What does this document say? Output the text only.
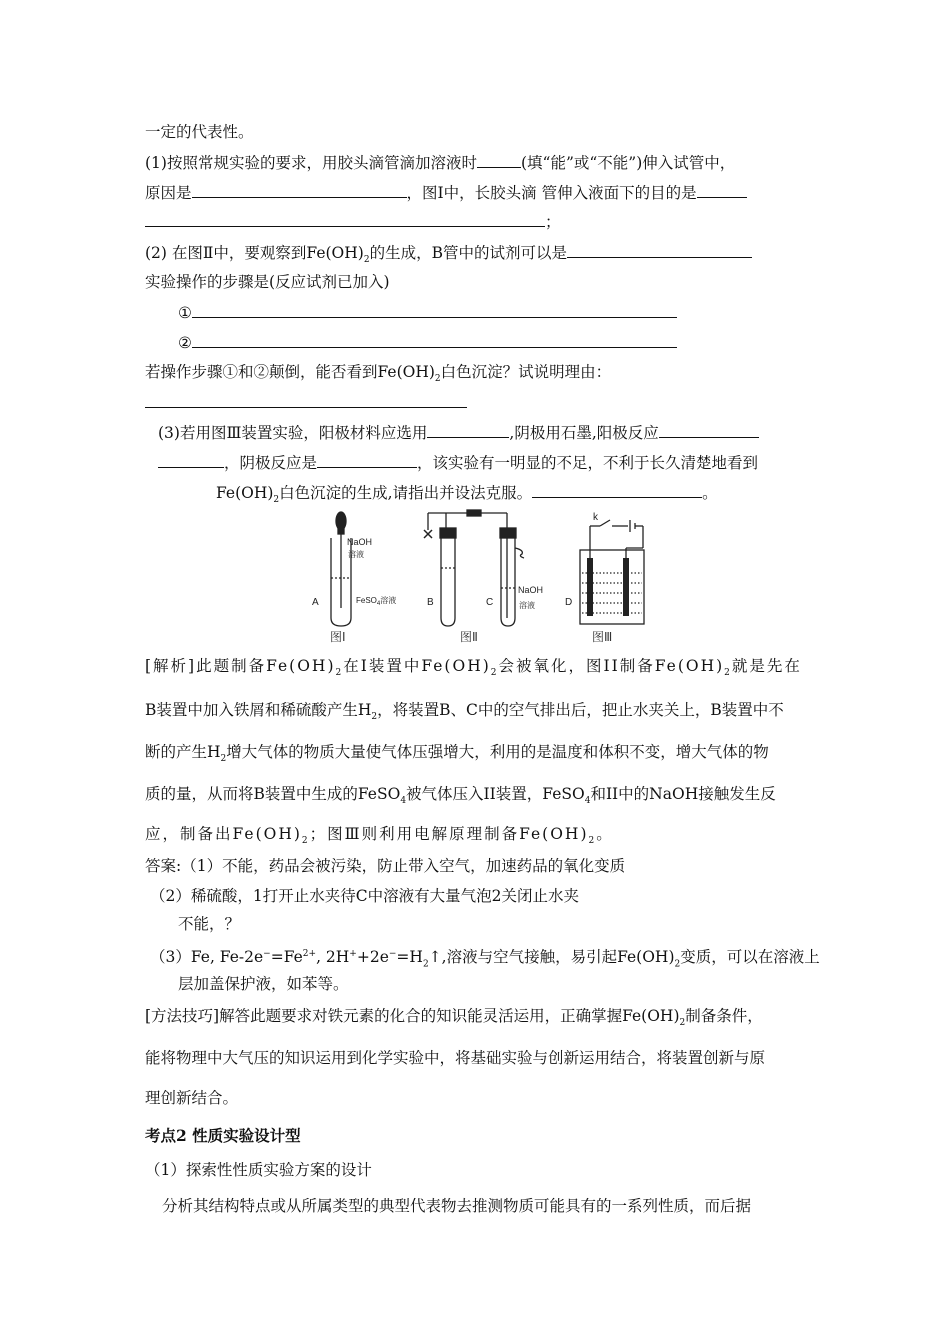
一定的代表性。
(1)按照常规实验的要求，用胶头滴管滴加溶液时	(填“能”或“不能”)伸入试管中，
原因是	，图Ⅰ中，长胶头滴 管伸入液面下的目的是
；
(2) 在图Ⅱ中，要观察到$Fe(OH)_2$的生成，B管中的试剂可以是
实验操作的步骤是(反应试剂已加入)
①
②
若操作步骤①和②颠倒，能否看到$Fe(OH)_2$白色沉淀？试说明理由：
(3)若用图Ⅲ装置实验，阳极材料应选用	,阴极用石墨,阳极反应
，阴极反应是	，该实验有一明显的不足，不利于长久清楚地看到
$Fe(OH)_2$白色沉淀的生成,请指出并设法克服。	。
NaOH
溶液
A	FeSO$_4$溶液	B	C
NaOH
溶液
k
D
图Ⅰ	图Ⅱ	图Ⅲ
[解析]此题制备$Fe(OH)_2$在Ⅰ装置中$Fe(OH)_2$会被氧化，图II制备$Fe(OH)_2$就是先在
B装置中加入铁屑和稀硫酸产生$H_2$，将装置B、C中的空气排出后，把止水夹关上，B装置中不
断的产生$H_2$增大气体的物质大量使气体压强增大，利用的是温度和体积不变，增大气体的物
质的量，从而将B装置中生成的FeSO$_4$被气体压入II装置，FeSO$_4$和II中的NaOH接触发生反
应，制备出$Fe(OH)_2$；图Ⅲ则利用电解原理制备$Fe(OH)_2$。
答案:（1）不能，药品会被污染，防止带入空气，加速药品的氧化变质
（2）稀硫酸，1打开止水夹待C中溶液有大量气泡2关闭止水夹
不能，？
（3）Fe, $Fe-2e^-=Fe^{2+}$, $2H^++2e^-=H_2↑$,溶液与空气接触，易引起$Fe(OH)_2$变质，可以在溶液上
层加盖保护液，如苯等。
[方法技巧]解答此题要求对铁元素的化合的知识能灵活运用，正确掌握$Fe(OH)_2$制备条件，
能将物理中大气压的知识运用到化学实验中，将基础实验与创新运用结合，将装置创新与原
理创新结合。
考点2 性质实验设计型
（1）探索性性质实验方案的设计
分析其结构特点或从所属类型的典型代表物去推测物质可能具有的一系列性质，而后据
